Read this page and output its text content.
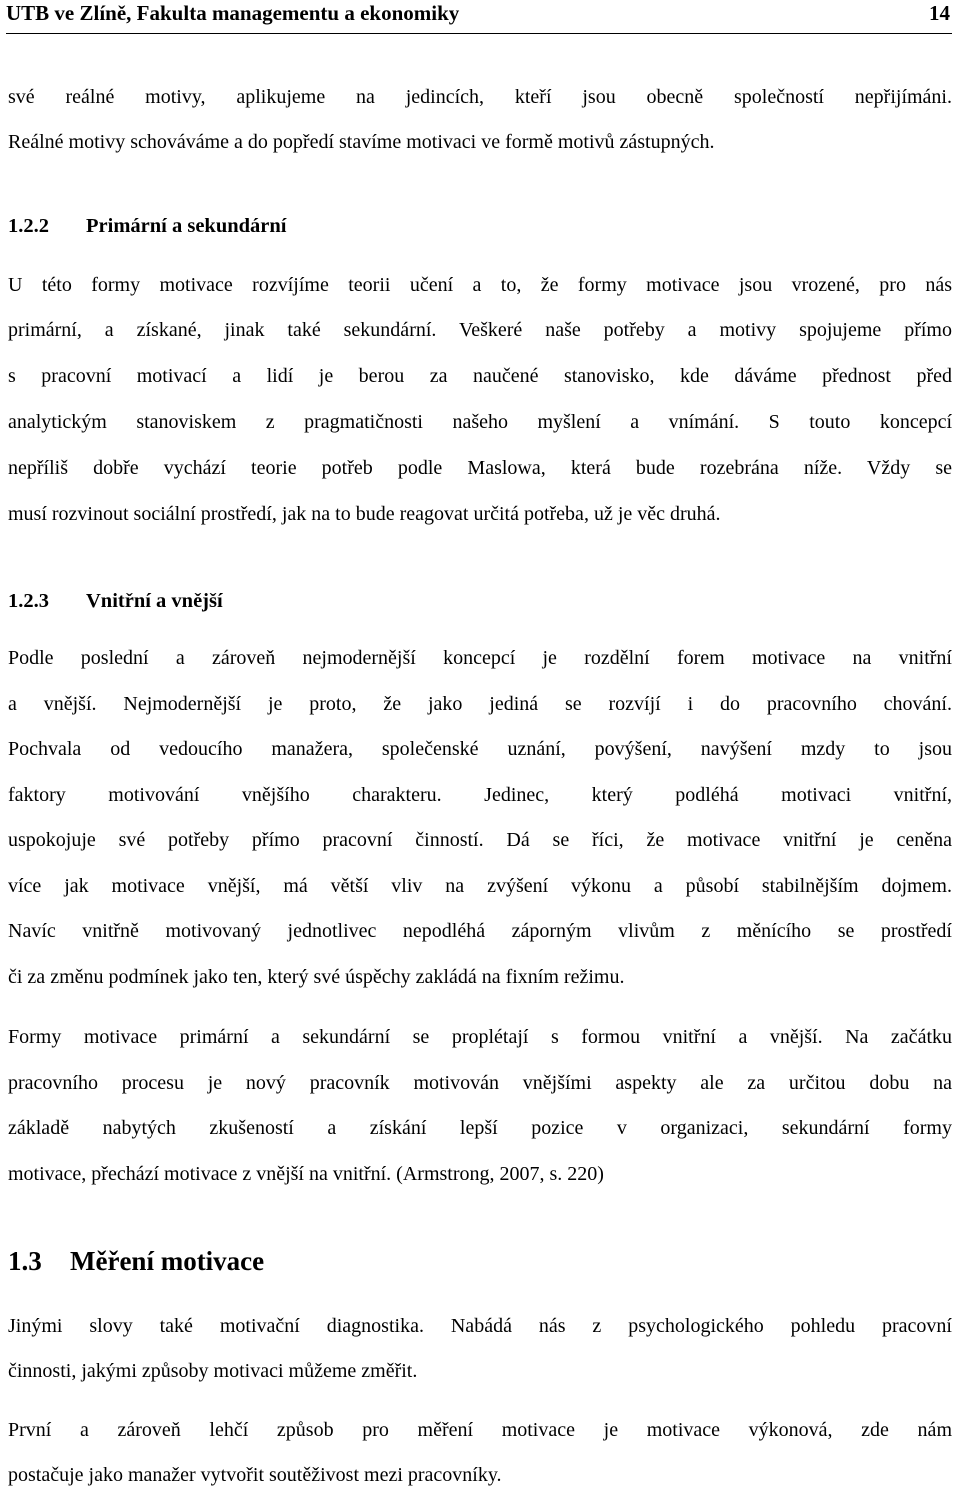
UTB ve Zlíně, Fakulta managementu a ekonomiky	14
své reálné motivy, aplikujeme na jedincích, kteří jsou obecně společností nepřijímáni.
Reálné motivy schováváme a do popředí stavíme motivaci ve formě motivů zástupných.
1.2.2 Primární a sekundární
U této formy motivace rozvíjíme teorii učení a to, že formy motivace jsou vrozené, pro nás
primární, a získané, jinak také sekundární. Veškeré naše potřeby a motivy spojujeme přímo
s pracovní motivací a lidí je berou za naučené stanovisko, kde dáváme přednost před
analytickým stanoviskem z pragmatičnosti našeho myšlení a vnímání. S touto koncepcí
nepříliš dobře vychází teorie potřeb podle Maslowa, která bude rozebrána níže. Vždy se
musí rozvinout sociální prostředí, jak na to bude reagovat určitá potřeba, už je věc druhá.
1.2.3 Vnitřní a vnější
Podle poslední a zároveň nejmodernější koncepcí je rozdělní forem motivace na vnitřní
a vnější. Nejmodernější je proto, že jako jediná se rozvíjí i do pracovního chování.
Pochvala od vedoucího manažera, společenské uznání, povýšení, navýšení mzdy to jsou
faktory motivování vnějšího charakteru. Jedinec, který podléhá motivaci vnitřní,
uspokojuje své potřeby přímo pracovní činností. Dá se říci, že motivace vnitřní je ceněna
více jak motivace vnější, má větší vliv na zvýšení výkonu a působí stabilnějším dojmem.
Navíc vnitřně motivovaný jednotlivec nepodléhá záporným vlivům z měnícího se prostředí
či za změnu podmínek jako ten, který své úspěchy zakládá na fixním režimu.
Formy motivace primární a sekundární se proplétají s formou vnitřní a vnější. Na začátku
pracovního procesu je nový pracovník motivován vnějšími aspekty ale za určitou dobu na
základě nabytých zkušeností a získání lepší pozice v organizaci, sekundární formy
motivace, přechází motivace z vnější na vnitřní. (Armstrong, 2007, s. 220)
1.3 Měření motivace
Jinými slovy také motivační diagnostika. Nabádá nás z psychologického pohledu pracovní
činnosti, jakými způsoby motivaci můžeme změřit.
První a zároveň lehčí způsob pro měření motivace je motivace výkonová, zde nám
postačuje jako manažer vytvořit soutěživost mezi pracovníky.
